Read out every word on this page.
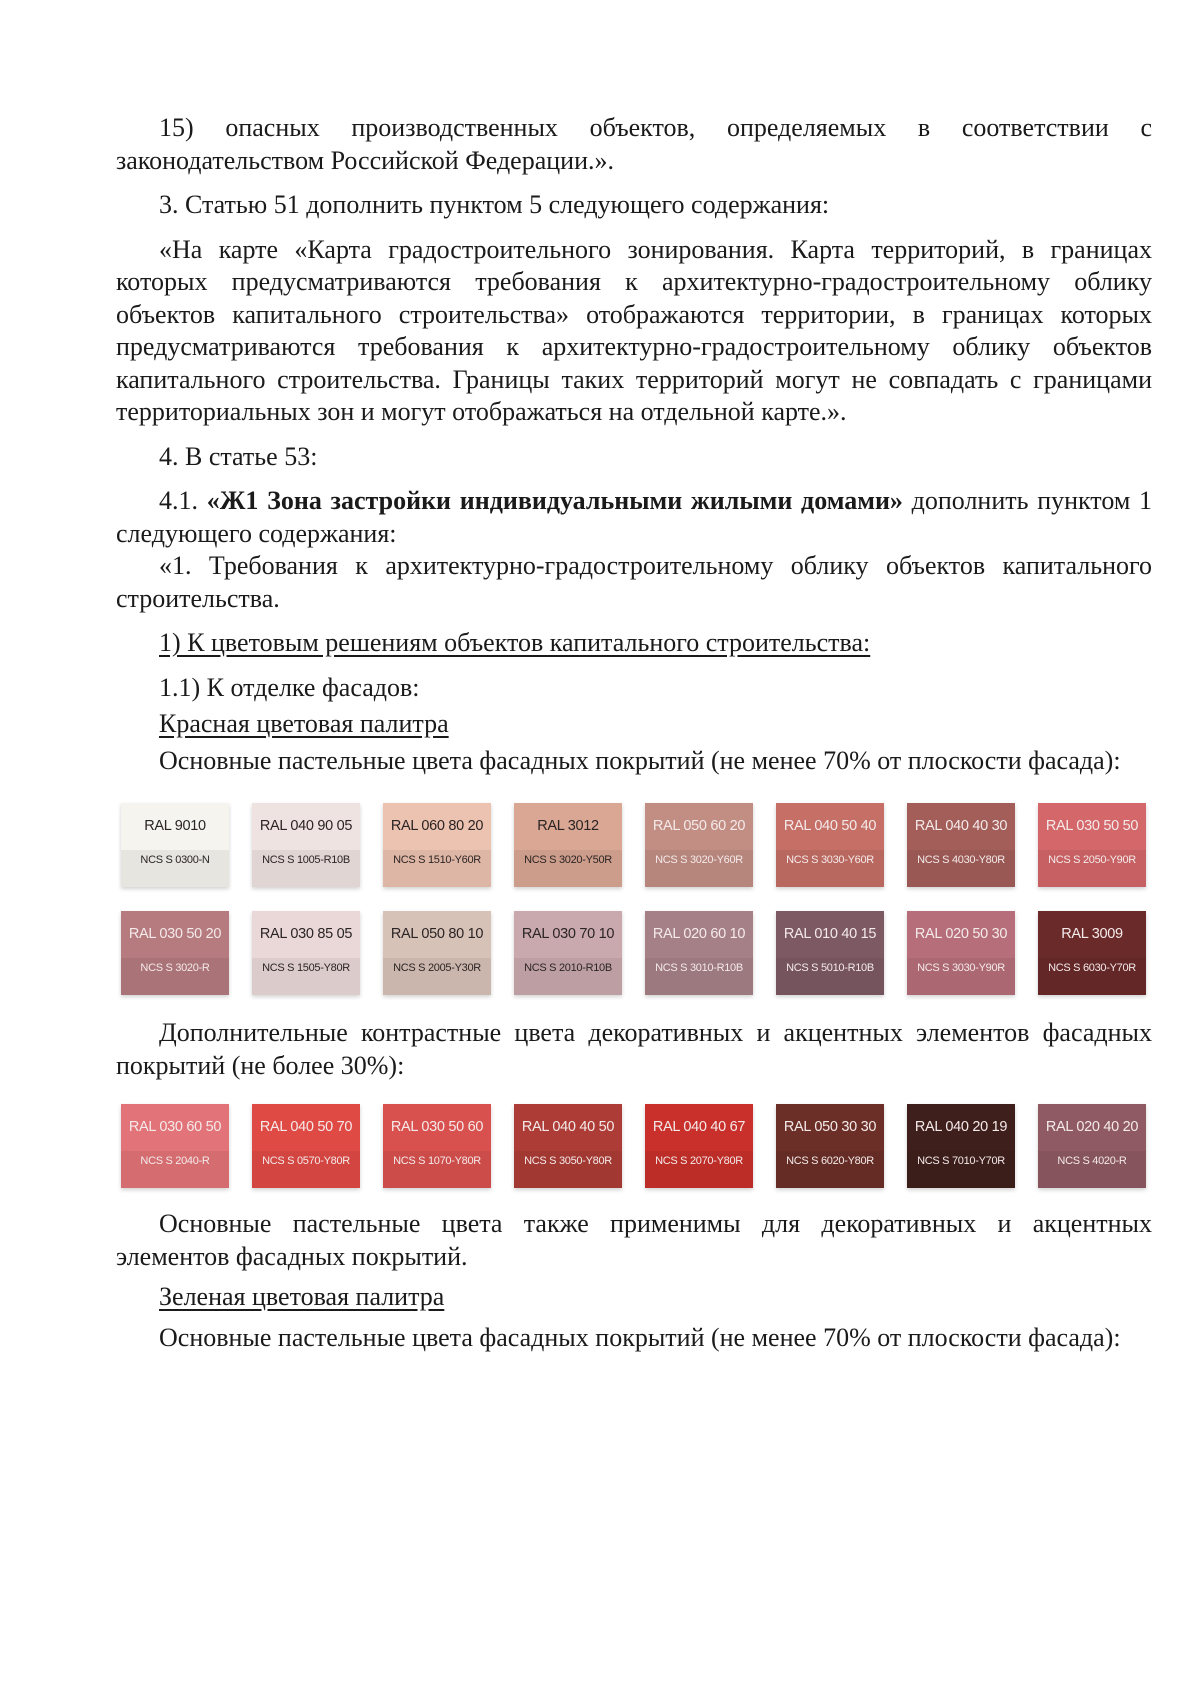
15) опасных производственных объектов, определяемых в соответствии с законодательством Российской Федерации.».

3. Статью 51 дополнить пунктом 5 следующего содержания:

«На карте «Карта градостроительного зонирования. Карта территорий, в границах которых предусматриваются требования к архитектурно-градостроительному облику объектов капитального строительства» отображаются территории, в границах которых предусматриваются требования к архитектурно-градостроительному облику объектов капитального строительства. Границы таких территорий могут не совпадать с границами территориальных зон и могут отображаться на отдельной карте.».

4. В статье 53:

4.1. «Ж1 Зона застройки индивидуальными жилыми домами» дополнить пунктом 1 следующего содержания:

«1. Требования к архитектурно-градостроительному облику объектов капитального строительства.

1) К цветовым решениям объектов капитального строительства:

1.1) К отделке фасадов:

Красная цветовая палитра

Основные пастельные цвета фасадных покрытий (не менее 70% от плоскости фасада):

RAL 9010
NCS S 0300-N
RAL 040 90 05
NCS S 1005-R10B
RAL 060 80 20
NCS S 1510-Y60R
RAL 3012
NCS S 3020-Y50R
RAL 050 60 20
NCS S 3020-Y60R
RAL 040 50 40
NCS S 3030-Y60R
RAL 040 40 30
NCS S 4030-Y80R
RAL 030 50 50
NCS S 2050-Y90R
RAL 030 50 20
NCS S 3020-R
RAL 030 85 05
NCS S 1505-Y80R
RAL 050 80 10
NCS S 2005-Y30R
RAL 030 70 10
NCS S 2010-R10B
RAL 020 60 10
NCS S 3010-R10B
RAL 010 40 15
NCS S 5010-R10B
RAL 020 50 30
NCS S 3030-Y90R
RAL 3009
NCS S 6030-Y70R

Дополнительные контрастные цвета декоративных и акцентных элементов фасадных покрытий (не более 30%):

RAL 030 60 50
NCS S 2040-R
RAL 040 50 70
NCS S 0570-Y80R
RAL 030 50 60
NCS S 1070-Y80R
RAL 040 40 50
NCS S 3050-Y80R
RAL 040 40 67
NCS S 2070-Y80R
RAL 050 30 30
NCS S 6020-Y80R
RAL 040 20 19
NCS S 7010-Y70R
RAL 020 40 20
NCS S 4020-R

Основные пастельные цвета также применимы для декоративных и акцентных элементов фасадных покрытий.

Зеленая цветовая палитра

Основные пастельные цвета фасадных покрытий (не менее 70% от плоскости фасада):
